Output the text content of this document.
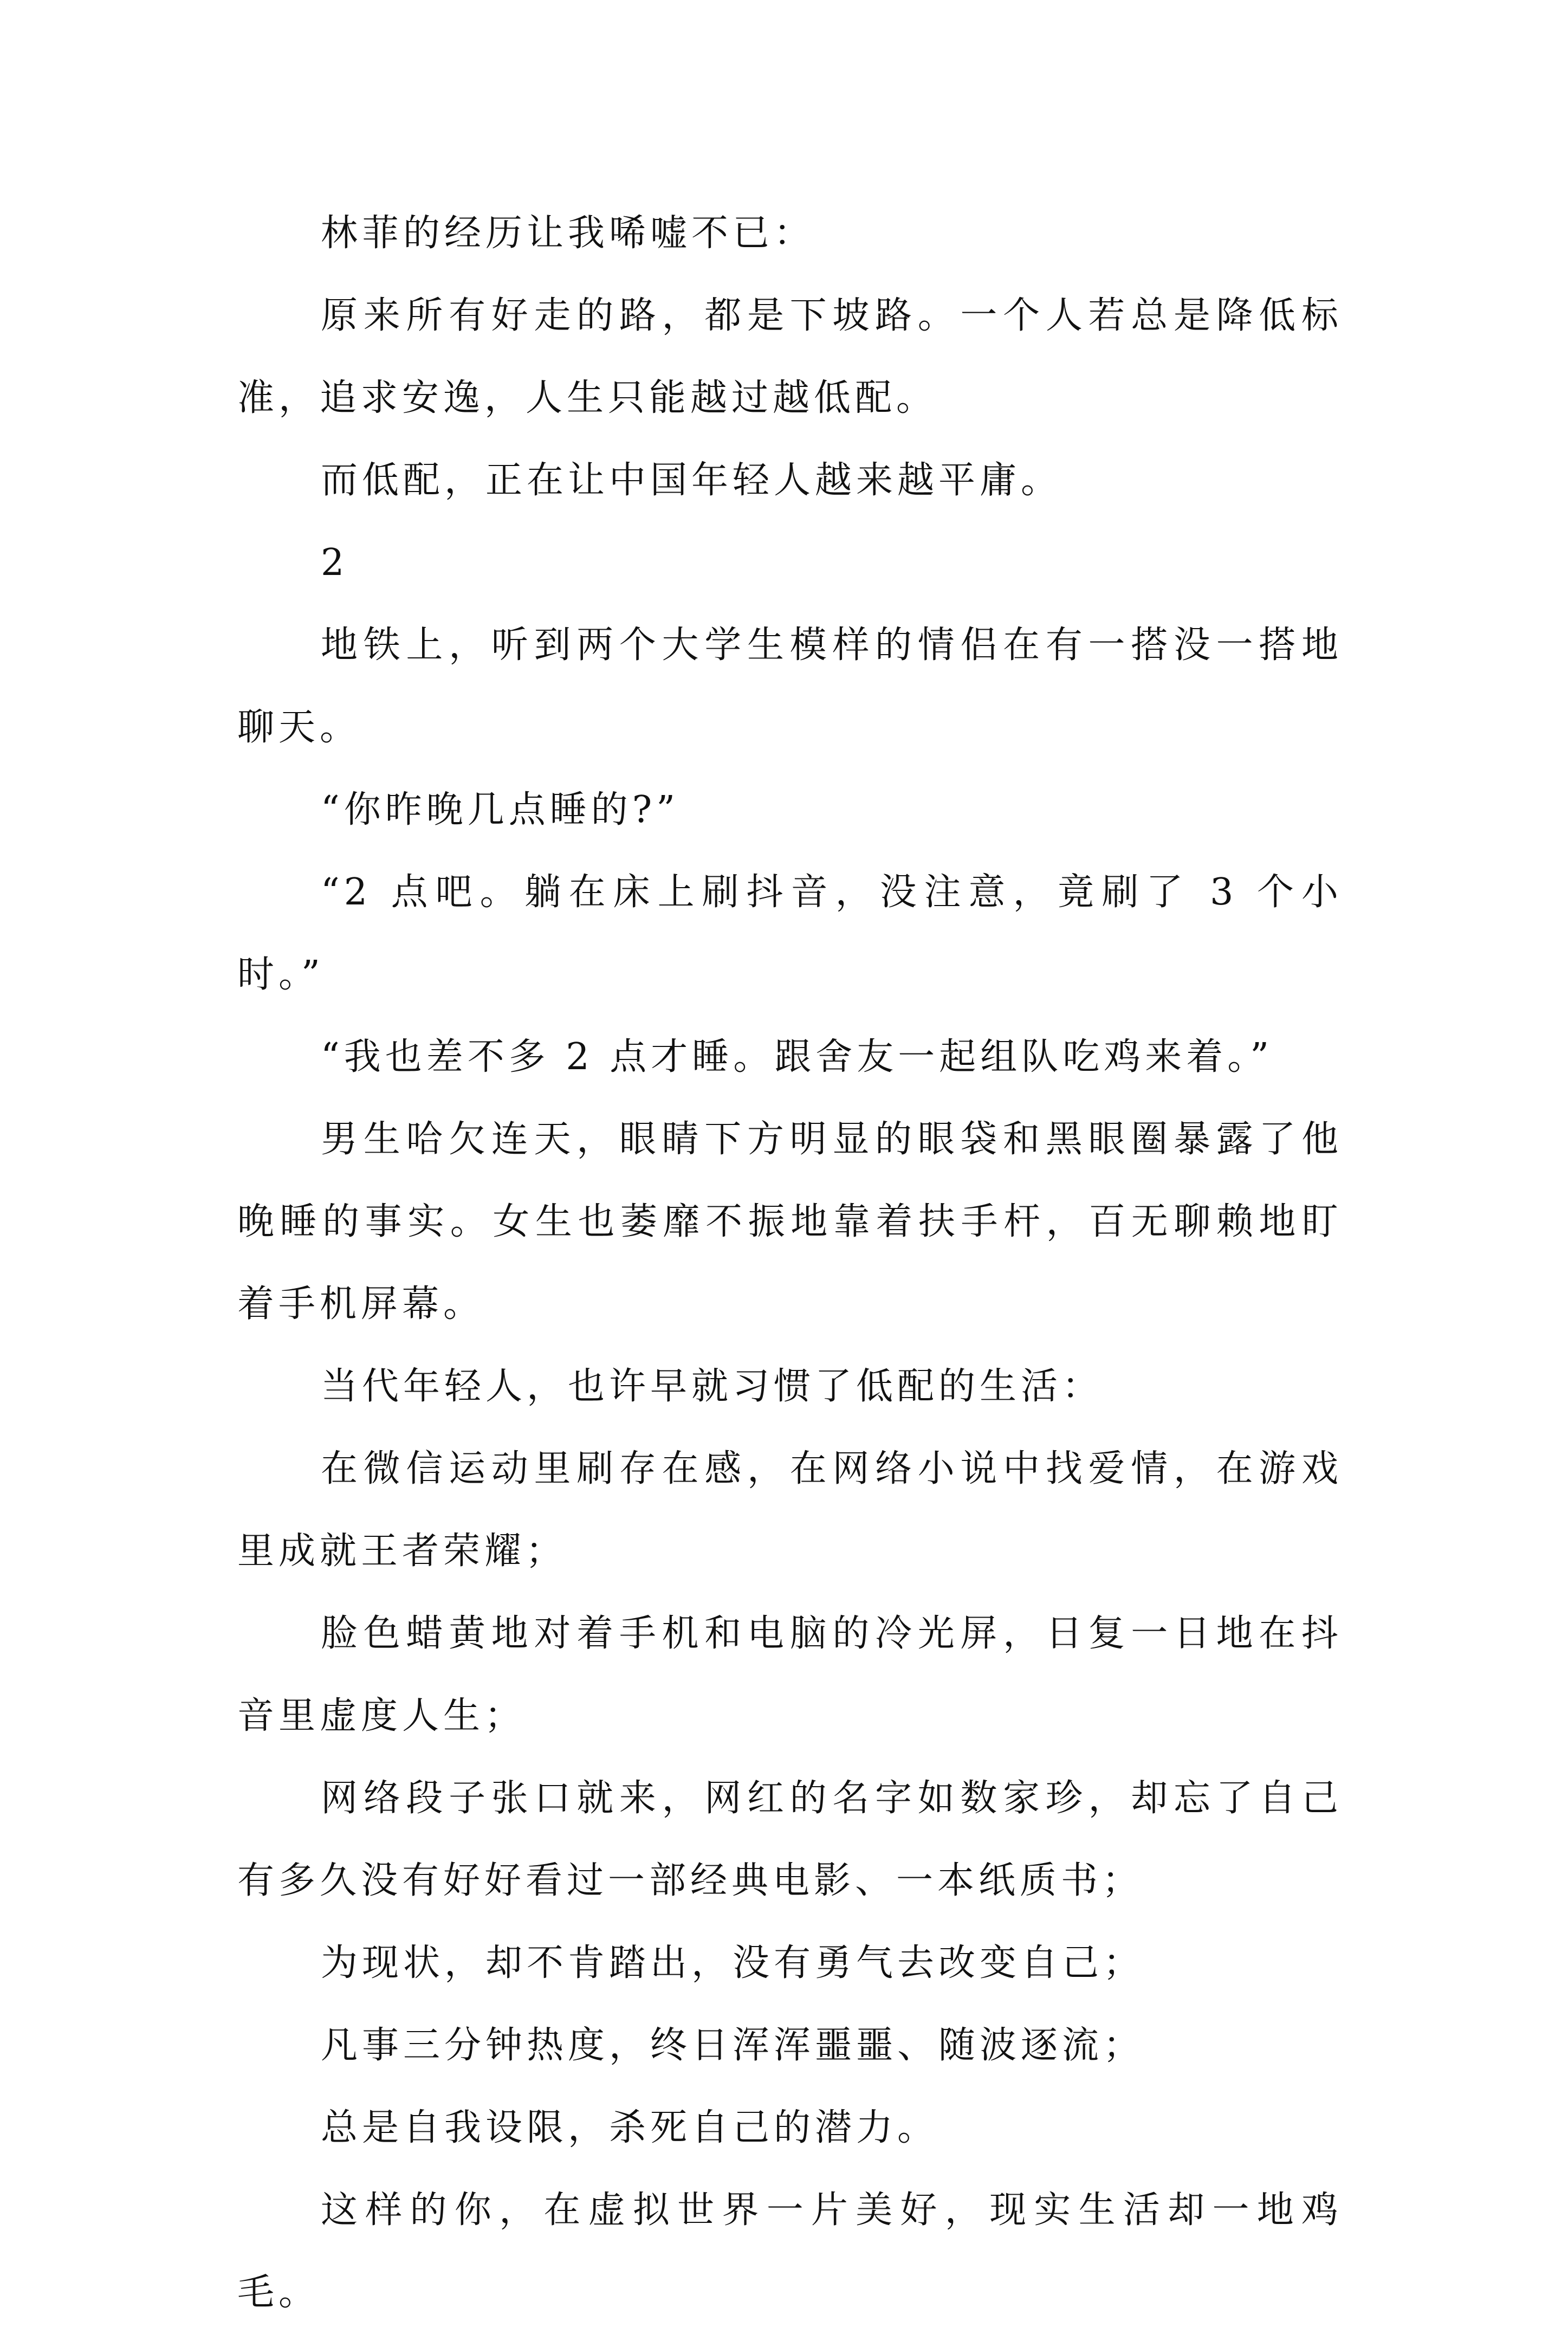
林菲的经历让我唏嘘不已：

原来所有好走的路，都是下坡路。一个人若总是降低标准，追求安逸，人生只能越过越低配。

而低配，正在让中国年轻人越来越平庸。

2

地铁上，听到两个大学生模样的情侣在有一搭没一搭地聊天。

“你昨晚几点睡的?”

“2 点吧。躺在床上刷抖音，没注意，竟刷了 3 个小时。”

“我也差不多 2 点才睡。跟舍友一起组队吃鸡来着。”

男生哈欠连天，眼睛下方明显的眼袋和黑眼圈暴露了他晚睡的事实。女生也萎靡不振地靠着扶手杆，百无聊赖地盯着手机屏幕。

当代年轻人，也许早就习惯了低配的生活：

在微信运动里刷存在感，在网络小说中找爱情，在游戏里成就王者荣耀；

脸色蜡黄地对着手机和电脑的冷光屏，日复一日地在抖音里虚度人生；

网络段子张口就来，网红的名字如数家珍，却忘了自己有多久没有好好看过一部经典电影、一本纸质书；

为现状，却不肯踏出，没有勇气去改变自己；

凡事三分钟热度，终日浑浑噩噩、随波逐流；

总是自我设限，杀死自己的潜力。

这样的你，在虚拟世界一片美好，现实生活却一地鸡毛。
